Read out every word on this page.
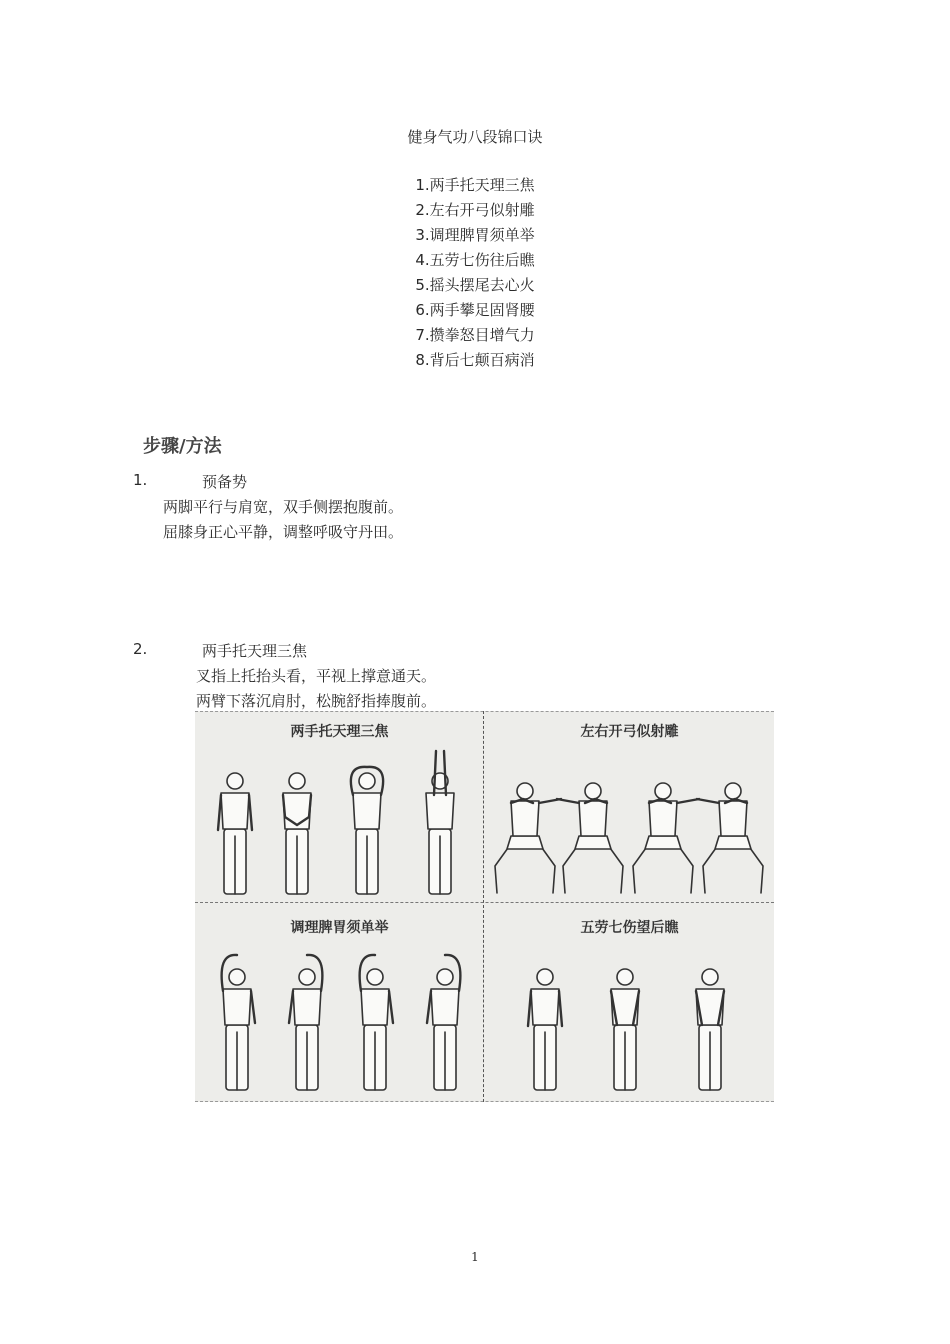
健身气功八段锦口诀
1.两手托天理三焦
2.左右开弓似射雕
3.调理脾胃须单举
4.五劳七伤往后瞧
5.摇头摆尾去心火
6.两手攀足固肾腰
7.攒拳怒目增气力
8.背后七颠百病消
步骤/方法
1.	预备势
两脚平行与肩宽，双手侧摆抱腹前。
屈膝身正心平静，调整呼吸守丹田。
2.	两手托天理三焦
叉指上托抬头看，平视上撑意通天。
两臂下落沉肩肘，松腕舒指捧腹前。
两手托天理三焦	左右开弓似射雕
调理脾胃须单举	五劳七伤望后瞧
1
